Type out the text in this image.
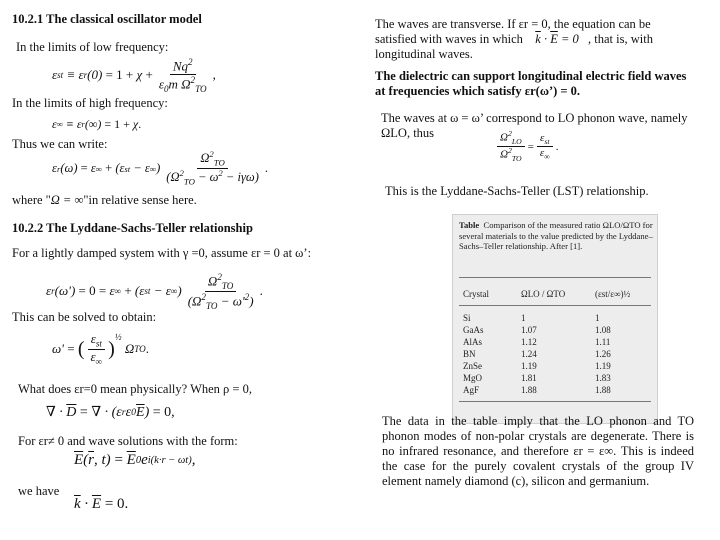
10.2.1 The classical oscillator model
In the limits of low frequency:
ε st ≡ ε r $(0) = 1 + \chi + \frac{Nq^2}{\varepsilon_0m \Omega^2_{TO}}$ ,
In the limits of high frequency:
ε ∞ ≡ ε r (∞) = 1 + χ .
Thus we can write:
ε r (ω) = ε ∞
+ (ε st − ε ∞ ) $\frac{\Omega^2_{TO}}{(\Omega^2_{TO} - \omega^2 - i\gamma\omega)}$ .
where "Ω = ∞"in relative sense here.
10.2.2 The Lyddane-Sachs-Teller relationship
For a lightly damped system with γ =0, assume εr = 0 at ω’:
ε r (ω') = 0 = ε ∞
+ (ε st − ε ∞ ) $\frac{\Omega^2_{TO}}{(\Omega^2_{TO} - \omega'^2)}$ .
This can be solved to obtain:
ω' =
( $\frac{\varepsilon_{st}}{\varepsilon_\infty}$ )
$^{\frac{1}{2}}$
Ω TO .
What does εr=0 mean physically? When ρ = 0,
∇ · $\overline{D}$
= ∇ · (ε r ε 0 $\overline{E}$ ) = 0,
For εr≠ 0 and wave solutions with the form:
$\overline{E}$ ( $\overline{r}$ , t) =
$\overline{E}$ 0 e i(k·r − ωt) ,
we have
$\overline{k} \cdot \overline{E}$
= 0.
The waves are transverse. If εr = 0, the equation can be satisfied with waves in which $\overline{k} \cdot \overline{E} = 0$ , that is, with longitudinal waves.
The dielectric can support longitudinal electric field waves at frequencies which satisfy εr(ω’) = 0.
The waves at ω = ω’ correspond to LO phonon wave, namely ΩLO, thus	$\frac{\Omega^2_{LO}}{\Omega^2_{TO}} = \frac{\varepsilon_{st}}{\varepsilon_\infty}$ .
This is the Lyddane-Sachs-Teller (LST) relationship.
Table Comparison of the measured ratio ΩLO/ΩTO for several materials to the value predicted by the Lyddane–Sachs–Teller relationship. After [1].
Crystal	ΩLO / ΩTO	(εst/ε∞)½
Si	1	1
GaAs	1.07	1.08
AlAs	1.12	1.11
BN	1.24	1.26
ZnSe	1.19	1.19
MgO	1.81	1.83
AgF	1.88	1.88
The data in the table imply that the LO phonon and TO phonon modes of non-polar crystals are degenerate. There is no infrared resonance, and therefore εr = ε∞. This is indeed the case for the purely covalent crystals of the group IV element namely diamond (c), silicon and germanium.
